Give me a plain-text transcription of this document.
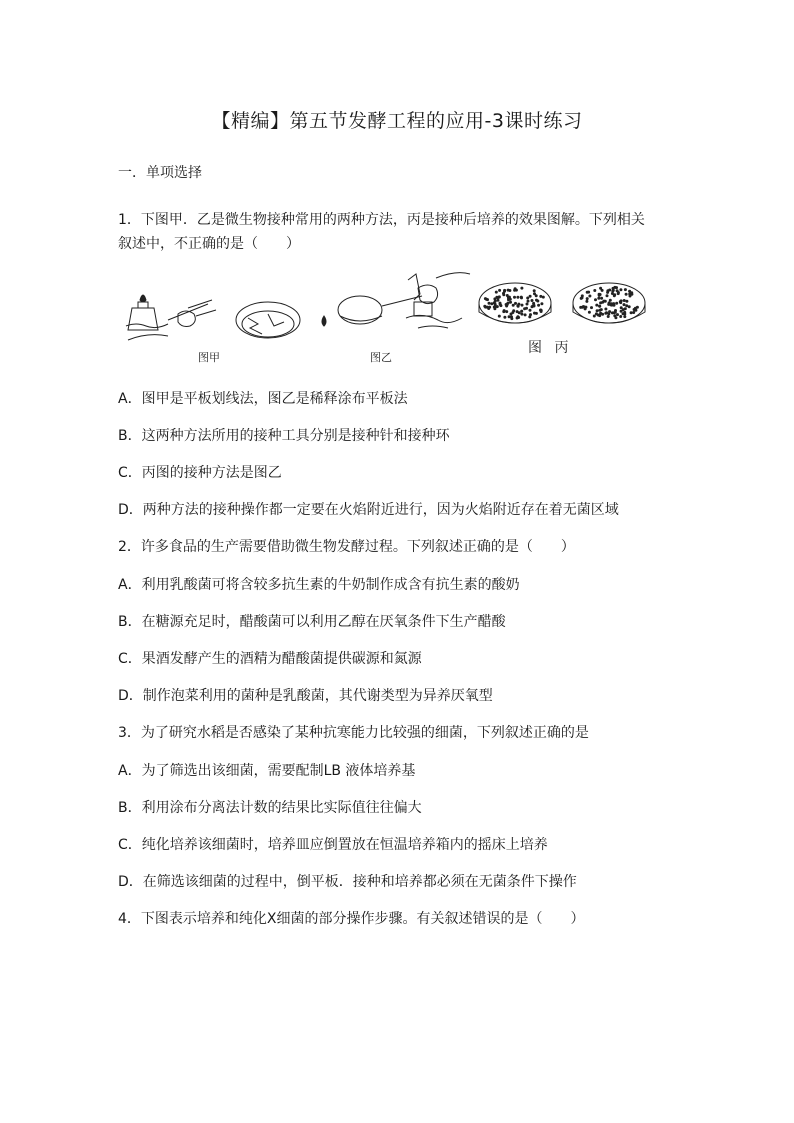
【精编】第五节发酵工程的应用-3课时练习
一．单项选择
1．下图甲．乙是微生物接种常用的两种方法，丙是接种后培养的效果图解。下列相关
叙述中，不正确的是（　　）
图甲	图乙
图 丙
A．图甲是平板划线法，图乙是稀释涂布平板法
B．这两种方法所用的接种工具分别是接种针和接种环
C．丙图的接种方法是图乙
D．两种方法的接种操作都一定要在火焰附近进行，因为火焰附近存在着无菌区域
2．许多食品的生产需要借助微生物发酵过程。下列叙述正确的是（　　）
A．利用乳酸菌可将含较多抗生素的牛奶制作成含有抗生素的酸奶
B．在糖源充足时，醋酸菌可以利用乙醇在厌氧条件下生产醋酸
C．果酒发酵产生的酒精为醋酸菌提供碳源和氮源
D．制作泡菜利用的菌种是乳酸菌，其代谢类型为异养厌氧型
3．为了研究水稻是否感染了某种抗寒能力比较强的细菌，下列叙述正确的是
A．为了筛选出该细菌，需要配制LB 液体培养基
B．利用涂布分离法计数的结果比实际值往往偏大
C．纯化培养该细菌时，培养皿应倒置放在恒温培养箱内的摇床上培养
D．在筛选该细菌的过程中，倒平板．接种和培养都必须在无菌条件下操作
4．下图表示培养和纯化X细菌的部分操作步骤。有关叙述错误的是（　　）
